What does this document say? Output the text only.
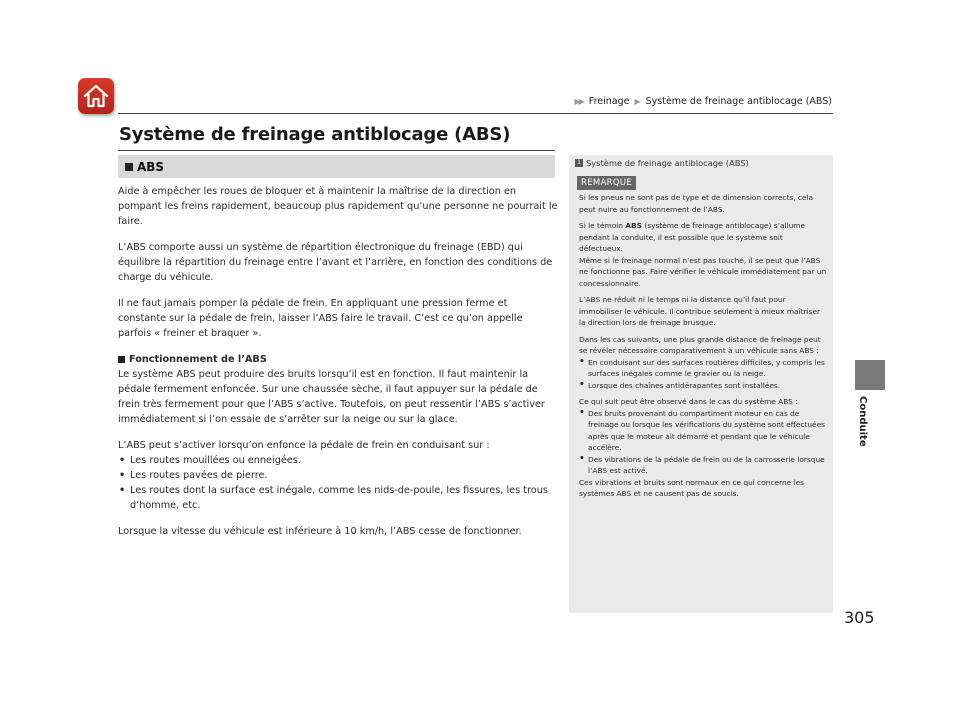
▶▶ Freinage ▶ Système de freinage antiblocage (ABS)
Système de freinage antiblocage (ABS)
ABS

Aide à empêcher les roues de bloquer et à maintenir la maîtrise de la direction en pompant les freins rapidement, beaucoup plus rapidement qu’une personne ne pourrait le faire.

L’ABS comporte aussi un système de répartition électronique du freinage (EBD) qui équilibre la répartition du freinage entre l’avant et l’arrière, en fonction des conditions de charge du véhicule.

Il ne faut jamais pomper la pédale de frein. En appliquant une pression ferme et constante sur la pédale de frein, laisser l’ABS faire le travail. C’est ce qu’on appelle parfois « freiner et braquer ».

Fonctionnement de l’ABS

Le système ABS peut produire des bruits lorsqu’il est en fonction. Il faut maintenir la pédale fermement enfoncée. Sur une chaussée sèche, il faut appuyer sur la pédale de frein très fermement pour que l’ABS s’active. Toutefois, on peut ressentir l’ABS s’activer immédiatement si l’on essaie de s’arrêter sur la neige ou sur la glace.

L’ABS peut s’activer lorsqu’on enfonce la pédale de frein en conduisant sur :

• Les routes mouillées ou enneigées.
• Les routes pavées de pierre.
• Les routes dont la surface est inégale, comme les nids-de-poule, les fissures, les trous d’homme, etc.

Lorsque la vitesse du véhicule est inférieure à 10 km/h, l’ABS cesse de fonctionner.

1 Système de freinage antiblocage (ABS)
REMARQUE

Si les pneus ne sont pas de type et de dimension corrects, cela peut nuire au fonctionnement de l’ABS.

Si le témoin ABS (système de freinage antiblocage) s’allume pendant la conduite, il est possible que le système soit défectueux.

Même si le freinage normal n’est pas touché, il se peut que l’ABS ne fonctionne pas. Faire vérifier le véhicule immédiatement par un concessionnaire.

L’ABS ne réduit ni le temps ni la distance qu’il faut pour immobiliser le véhicule. Il contribue seulement à mieux maîtriser la direction lors de freinage brusque.

Dans les cas suivants, une plus grande distance de freinage peut se révéler nécessaire comparativement à un véhicule sans ABS :

• En conduisant sur des surfaces routières difficiles, y compris les surfaces inégales comme le gravier ou la neige.
• Lorsque des chaînes antidérapantes sont installées.

Ce qui suit peut être observé dans le cas du système ABS :

• Des bruits provenant du compartiment moteur en cas de freinage ou lorsque les vérifications du système sont effectuées après que le moteur ait démarré et pendant que le véhicule accélère.
• Des vibrations de la pédale de frein ou de la carrosserie lorsque l’ABS est activé.

Ces vibrations et bruits sont normaux en ce qui concerne les systèmes ABS et ne causent pas de soucis.

Conduite
305
